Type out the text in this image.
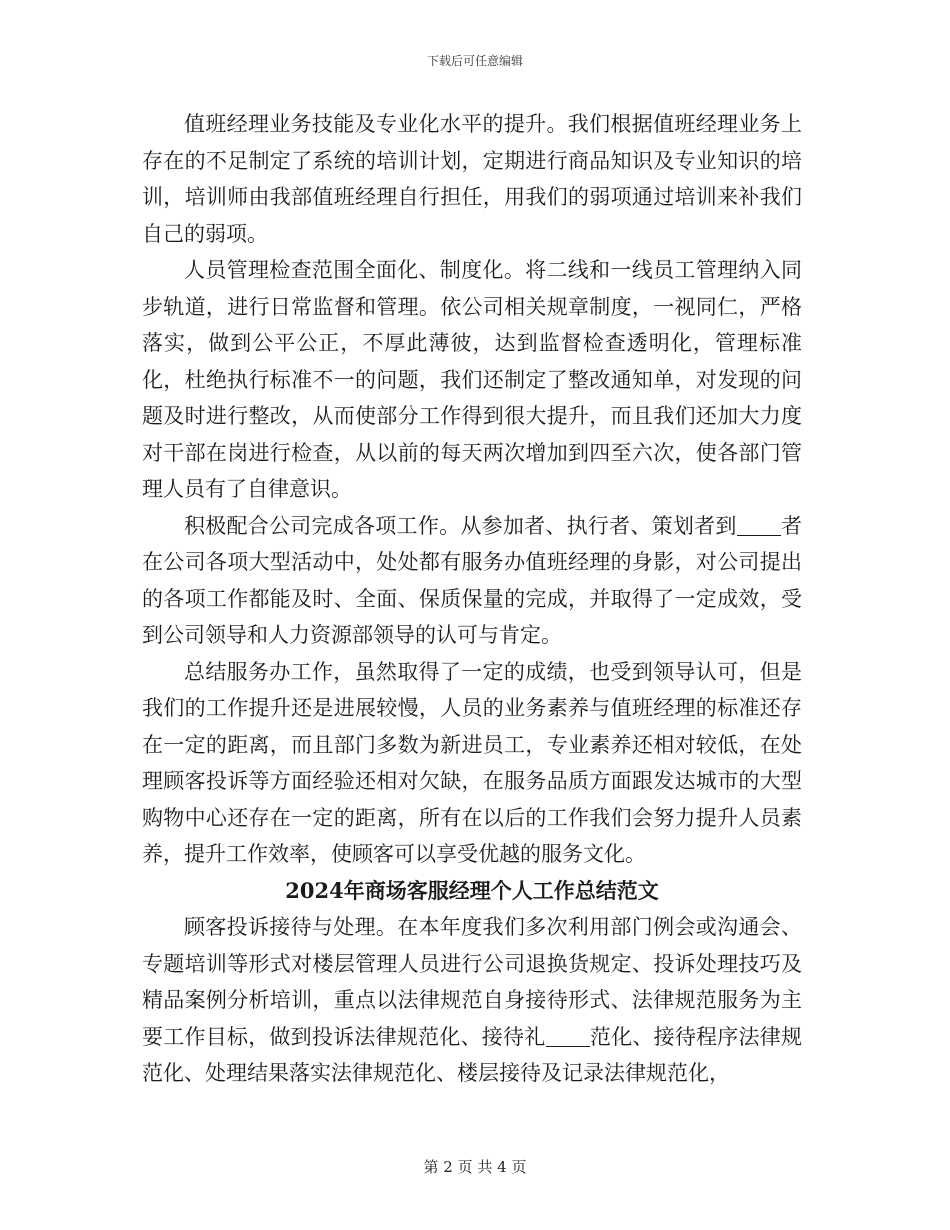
下载后可任意编辑

值班经理业务技能及专业化水平的提升。我们根据值班经理业务上存在的不足制定了系统的培训计划，定期进行商品知识及专业知识的培训，培训师由我部值班经理自行担任，用我们的弱项通过培训来补我们自己的弱项。

人员管理检查范围全面化、制度化。将二线和一线员工管理纳入同步轨道，进行日常监督和管理。依公司相关规章制度，一视同仁，严格落实，做到公平公正，不厚此薄彼，达到监督检查透明化，管理标准化，杜绝执行标准不一的问题，我们还制定了整改通知单，对发现的问题及时进行整改，从而使部分工作得到很大提升，而且我们还加大力度对干部在岗进行检查，从以前的每天两次增加到四至六次，使各部门管理人员有了自律意识。

积极配合公司完成各项工作。从参加者、执行者、策划者到 者在公司各项大型活动中，处处都有服务办值班经理的身影，对公司提出的各项工作都能及时、全面、保质保量的完成，并取得了一定成效，受到公司领导和人力资源部领导的认可与肯定。

总结服务办工作，虽然取得了一定的成绩，也受到领导认可，但是我们的工作提升还是进展较慢，人员的业务素养与值班经理的标准还存在一定的距离，而且部门多数为新进员工，专业素养还相对较低，在处理顾客投诉等方面经验还相对欠缺，在服务品质方面跟发达城市的大型购物中心还存在一定的距离，所有在以后的工作我们会努力提升人员素养，提升工作效率，使顾客可以享受优越的服务文化。

2024年商场客服经理个人工作总结范文

顾客投诉接待与处理。在本年度我们多次利用部门例会或沟通会、专题培训等形式对楼层管理人员进行公司退换货规定、投诉处理技巧及精品案例分析培训，重点以法律规范自身接待形式、法律规范服务为主要工作目标，做到投诉法律规范化、接待礼 范化、接待程序法律规范化、处理结果落实法律规范化、楼层接待及记录法律规范化，

第 2 页 共 4 页
